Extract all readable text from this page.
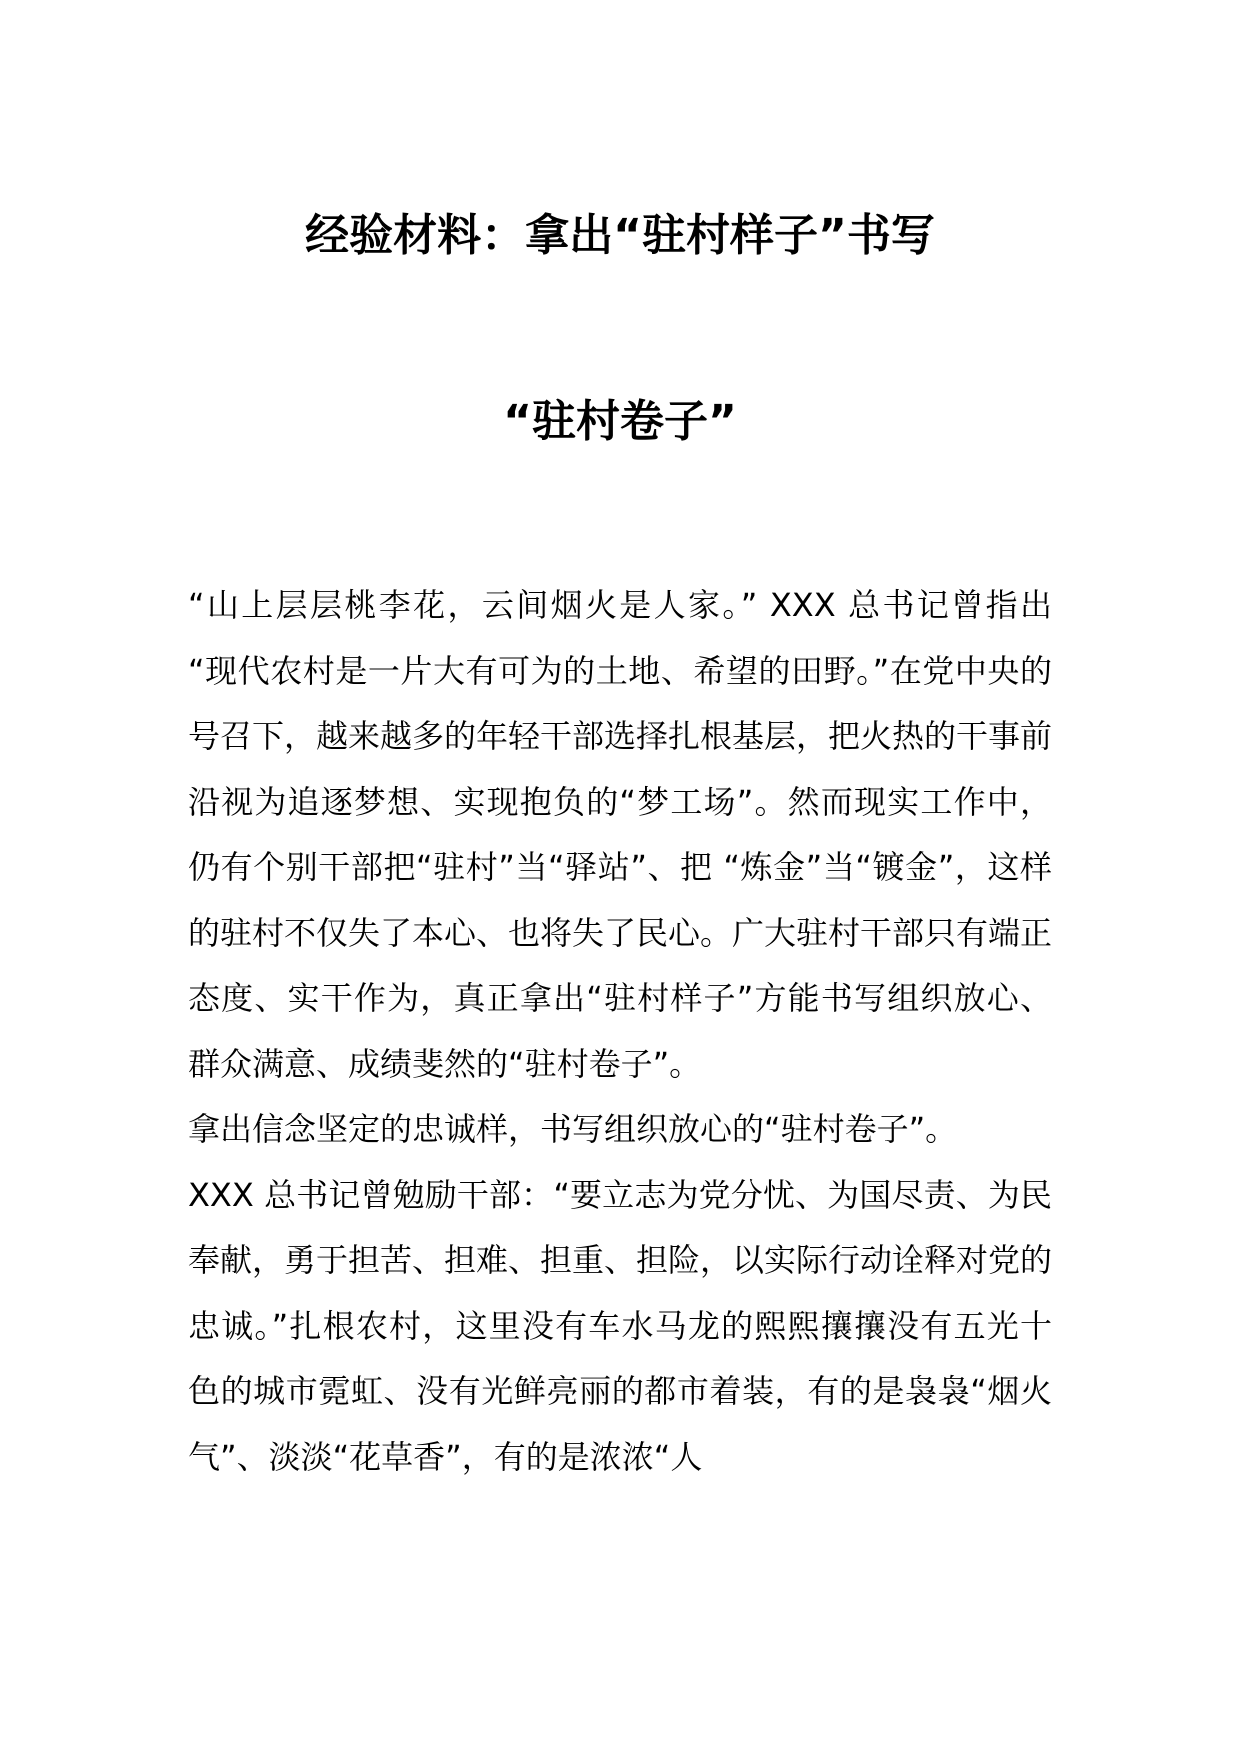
经验材料：拿出“驻村样子”书写
“驻村卷子”

“山上层层桃李花，云间烟火是人家。” XXX 总书记曾指出 “现代农村是一片大有可为的土地、希望的田野。”在党中央的号召下，越来越多的年轻干部选择扎根基层，把火热的干事前沿视为追逐梦想、实现抱负的“梦工场”。然而现实工作中，仍有个别干部把“驻村”当“驿站”、把 “炼金”当“镀金”，这样的驻村不仅失了本心、也将失了民心。广大驻村干部只有端正态度、实干作为，真正拿出“驻村样子”方能书写组织放心、群众满意、成绩斐然的“驻村卷子”。

拿出信念坚定的忠诚样，书写组织放心的“驻村卷子”。

XXX 总书记曾勉励干部：“要立志为党分忧、为国尽责、为民奉献，勇于担苦、担难、担重、担险，以实际行动诠释对党的忠诚。”扎根农村，这里没有车水马龙的熙熙攘攘没有五光十色的城市霓虹、没有光鲜亮丽的都市着装，有的是袅袅“烟火气”、淡淡“花草香”，有的是浓浓“人
